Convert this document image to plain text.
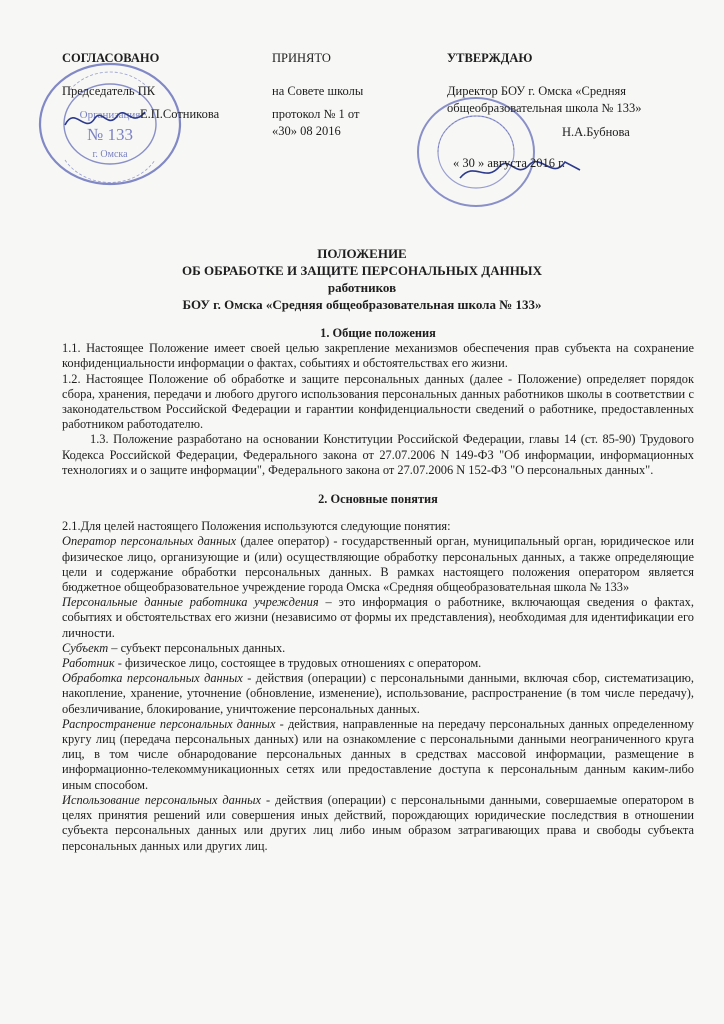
Организация
№ 133
г. Омска
СОГЛАСОВАНО
Председатель ПК
Е.П.Сотникова
ПРИНЯТО
на Совете школы
протокол № 1 от
«30» 08 2016
УТВЕРЖДАЮ
Директор БОУ г. Омска «Средняя
общеобразовательная школа № 133»
Н.А.Бубнова
« 30 » августа 2016 г.
ПОЛОЖЕНИЕ
ОБ ОБРАБОТКЕ И ЗАЩИТЕ ПЕРСОНАЛЬНЫХ ДАННЫХ
работников
БОУ г. Омска «Средняя общеобразовательная школа № 133»

1. Общие положения

1.1. Настоящее Положение имеет своей целью закрепление механизмов обеспечения прав субъекта на сохранение конфиденциальности информации о фактах, событиях и обстоятельствах его жизни.

1.2. Настоящее Положение об обработке и защите персональных данных (далее - Положение) определяет порядок сбора, хранения, передачи и любого другого использования персональных данных работников школы в соответствии с законодательством Российской Федерации и гарантии конфиденциальности сведений о работнике, предоставленных работником работодателю.

1.3. Положение разработано на основании Конституции Российской Федерации, главы 14 (ст. 85-90) Трудового Кодекса Российской Федерации, Федерального закона от 27.07.2006 N 149-ФЗ "Об информации, информационных технологиях и о защите информации", Федерального закона от 27.07.2006 N 152-ФЗ "О персональных данных".

2. Основные понятия

2.1.Для целей настоящего Положения используются следующие понятия:

Оператор персональных данных (далее оператор) - государственный орган, муниципальный орган, юридическое или физическое лицо, организующие и (или) осуществляющие обработку персональных данных, а также определяющие цели и содержание обработки персональных данных. В рамках настоящего положения оператором является бюджетное общеобразовательное учреждение города Омска «Средняя общеобразовательная школа № 133»

Персональные данные работника учреждения – это информация о работнике, включающая сведения о фактах, событиях и обстоятельствах его жизни (независимо от формы их представления), необходимая для идентификации его личности.

Субъект – субъект персональных данных.

Работник - физическое лицо, состоящее в трудовых отношениях с оператором.

Обработка персональных данных - действия (операции) с персональными данными, включая сбор, систематизацию, накопление, хранение, уточнение (обновление, изменение), использование, распространение (в том числе передачу), обезличивание, блокирование, уничтожение персональных данных.

Распространение персональных данных - действия, направленные на передачу персональных данных определенному кругу лиц (передача персональных данных) или на ознакомление с персональными данными неограниченного круга лиц, в том числе обнародование персональных данных в средствах массовой информации, размещение в информационно-телекоммуникационных сетях или предоставление доступа к персональным данным каким-либо иным способом.

Использование персональных данных - действия (операции) с персональными данными, совершаемые оператором в целях принятия решений или совершения иных действий, порождающих юридические последствия в отношении субъекта персональных данных или других лиц либо иным образом затрагивающих права и свободы субъекта персональных данных или других лиц.
